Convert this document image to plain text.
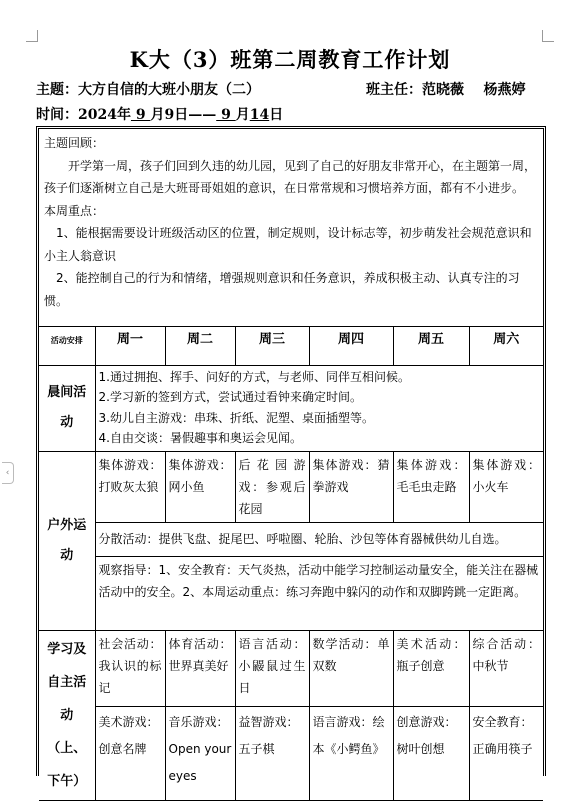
‹
K大（3）班第二周教育工作计划
主题：大方自信的大班小朋友（二）	班主任：范晓薇    杨燕婷
时间：2024年 9 月9日—— 9 月14日

主题回顾：

开学第一周，孩子们回到久违的幼儿园，见到了自己的好朋友非常开心，在主题第一周，孩子们逐渐树立自己是大班哥哥姐姐的意识，在日常常规和习惯培养方面，都有不小进步。

本周重点：

1、能根据需要设计班级活动区的位置，制定规则，设计标志等，初步萌发社会规范意识和小主人翁意识

2、能控制自己的行为和情绪，增强规则意识和任务意识，养成积极主动、认真专注的习惯。

活动安排	周一	周二	周三	周四	周五	周六
晨间活动	1.通过拥抱、挥手、问好的方式，与老师、同伴互相问候。
2.学习新的签到方式，尝试通过看钟来确定时间。
3.幼儿自主游戏：串珠、折纸、泥塑、桌面插塑等。
4.自由交谈：暑假趣事和奥运会见闻。					

户外运动	集体游戏：打败灰太狼	集体游戏：网小鱼	后花园游戏：参观后花园	集体游戏：猜拳游戏	集体游戏：毛毛虫走路	集体游戏：小火车
	分散活动：提供飞盘、捉尾巴、呼啦圈、轮胎、沙包等体育器械供幼儿自选。					
	观察指导：1、安全教育：天气炎热，活动中能学习控制运动量安全，能关注在器械活动中的安全。2、本周运动重点：练习奔跑中躲闪的动作和双脚跨跳一定距离。					
学习及自主活动（上、下午）	社会活动：我认识的标记	体育活动：世界真美好	语言活动：小鼹鼠过生日	数学活动：单双数	美术活动：瓶子创意	综合活动：中秋节
	美术游戏：创意名牌	音乐游戏：Open your eyes	益智游戏：五子棋	语言游戏：绘本《小鳄鱼》	创意游戏：树叶创想	安全教育：正确用筷子
